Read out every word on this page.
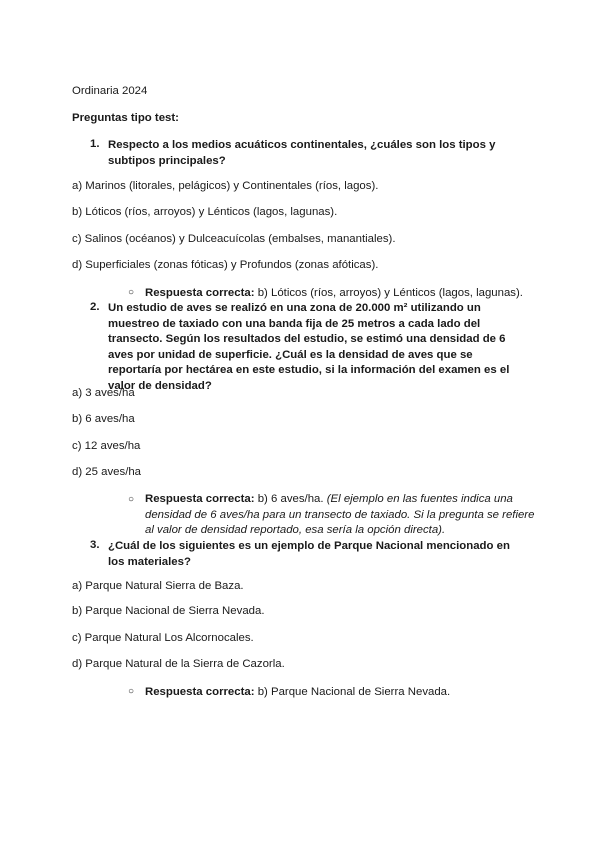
Ordinaria 2024
Preguntas tipo test:
1. Respecto a los medios acuáticos continentales, ¿cuáles son los tipos y subtipos principales?
a) Marinos (litorales, pelágicos) y Continentales (ríos, lagos).
b) Lóticos (ríos, arroyos) y Lénticos (lagos, lagunas).
c) Salinos (océanos) y Dulceacuícolas (embalses, manantiales).
d) Superficiales (zonas fóticas) y Profundos (zonas afóticas).
○ Respuesta correcta: b) Lóticos (ríos, arroyos) y Lénticos (lagos, lagunas).
2. Un estudio de aves se realizó en una zona de 20.000 m² utilizando un muestreo de taxiado con una banda fija de 25 metros a cada lado del transecto. Según los resultados del estudio, se estimó una densidad de 6 aves por unidad de superficie. ¿Cuál es la densidad de aves que se reportaría por hectárea en este estudio, si la información del examen es el valor de densidad?
a) 3 aves/ha
b) 6 aves/ha
c) 12 aves/ha
d) 25 aves/ha
○ Respuesta correcta: b) 6 aves/ha. (El ejemplo en las fuentes indica una densidad de 6 aves/ha para un transecto de taxiado. Si la pregunta se refiere al valor de densidad reportado, esa sería la opción directa).
3. ¿Cuál de los siguientes es un ejemplo de Parque Nacional mencionado en los materiales?
a) Parque Natural Sierra de Baza.
b) Parque Nacional de Sierra Nevada.
c) Parque Natural Los Alcornocales.
d) Parque Natural de la Sierra de Cazorla.
○ Respuesta correcta: b) Parque Nacional de Sierra Nevada.
